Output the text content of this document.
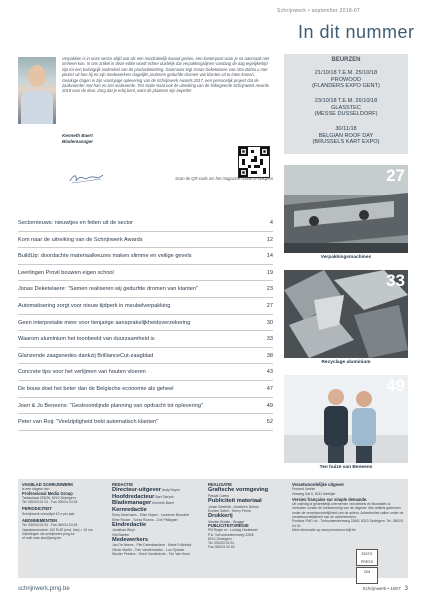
Schrijnwerk • september 2018-07
In dit nummer
Verpakken is in onze sector altijd wat als een noodzakelijk kwaad gezien, een kostenpost waar je na aanmaak niet omheen kon. In ons artikel in deze editie wordt echter duidelijk dat verpakkingslijnen vandaag de dag tegelijkertijd zijn tot een belangrijk onderdeel van de productieketting. Daarnaast legt Jonas Deketelaere van Alco Bohta u met plezier uit hoe hij en zijn medewerkers dagelijks proberen gedurfde dromen van klanten uit te laten komen. Gelukige dagen in zijn voorlopige oplevering van de Schrijnwerk Awards 2017, een persoonlijk project dat de zaakvoerder met hart en ziel realiseerde. Ten slotte staat ook de uitreiking van de felbegeerde Schrijnwerk Awards 2018 voor de deur. Zorg dat je erbij bent, want de plaatsen zijn beperkt!
Kenneth Baert
Blademanager
Scan de QR-code om het magazine online te bekijken
BEURZEN
21/10/18 T.E.M. 25/10/18
PROWOOD
(FLANDERS EXPO GENT)
23/10/18 T.E.M. 26/10/18
GLASSTEC
(MESSE DUSSELDORF)
30/11/18
BELGIAN ROOF DAY
(BRUSSELS KART EXPO)
Sectornieuws: nieuwtjes en feiten uit de sector	4
Kom naar de uitreiking van de Schrijnwerk Awards	12
BuildUp: doordachte materiaalkeuzes maken slimme en veilige gevels	14
Leerlingen Provil bouwen eigen school	19
Jonas Deketelaere: "Samen realiseren wij gedurfde dromen van klanten"	23
Automatisering zorgt voor nieuw tijdperk in meubelverpakking	27
Geen interpretatie meer voor tienjarige aansprakelijkheidsverzekering	30
Waarom aluminium het toonbeeld van duurzaamheid is	33
Glanzende zaagsnedes dankzij BrillianceCut-zaagblad	38
Concrete tips voor het verlijmen van houten vloeren	43
De bouw doet het beter dan de Belgische economie als geheel	47
Joeri & Jo Beneens: "Gestroomlijnde planning van opdracht tot oplevering"	49
Peter van Roij: "Veelzijdigheid trekt automatisch klanten"	52
27
Verpakkingsmachines
33
Recyclage aluminium
49
Ten huize van Beneens
VAKBLAD SCHRIJNWERK
is een uitgave van
Professional Media Group
Tarkastraat 225/26, 8210 Zedelgem
Tel. 050/24 04 24 - Fax 050/24 04 45
PERIODICITEIT
Schrijnwerk verschijnt 10 x per jaar
ABONNEMENTEN
Tel. 050/24 04 04 - Fax 050/24 04 45
Jaarabonnement: 100 EUR (excl. btw) = 10 nrs
Inlichtingen via schrijnwerk.pmg.be
of mail naar abo@pmg.be
REDACTIE
Directeur-uitgever Andy Noyez
Hoofdredacteur Bart Dieryck
Blademanager Kenneth Baert
Kernredactie
Rony Moermans - Elise Noyez - Laurence Blondeel
Eline Rooze - Sonia Rooms - Zoë Philippart
Eindredactie
Jonathan Weyt
Vila Baeten
Medewerkers
Jan De Neeve - Piet Debrabandere - Marie Follebout
Olivier Martin - Tom Vandenhoeke - Luc Opdoek
Wouter Peeters - Geert Vandenhole - Tim Van Hove
REALISATIE
Grafische vormgeving
Pascal Coens
Publiciteit materiaal
Johan Seefeldt - Anneleen Delrue
Evelien Seferi - Henry Peers
Drukkerij
Vanden Broele - Brugge
PUBLICITEITSREGIE
PM Regie nv - Ludwig Houtekeet
P.A. Torhoutsesteenweg 226/5
8210 Zedelgem
Tel. 050/24 04 04
Fax 050/24 04 45
Verantwoordelijke uitgever
Ferrand Vanhie
Zeeweg Dal 5, 8211 Aartrijke
Versies française sur simple demande.
Uit volledig of gedeeltelijk overnemen van artikels en illustraties is verboden zonder de toestemming van de uitgever. Alle artikels gebeuren onder de verantwoordelijkheid van de auteur. Advertenties vallen onder de verantwoordelijkheid van de adverteerders.
Postbus PMG nv - Torhoutsesteenweg 226/5, 8210 Zedelgem. Tel. 050/24 04 04
Meer informatie op www.persinzonchrijf.be
EDITO PRESS CIM
schrijnwerk.pmg.be	Schrijnwerk • 1807 3
